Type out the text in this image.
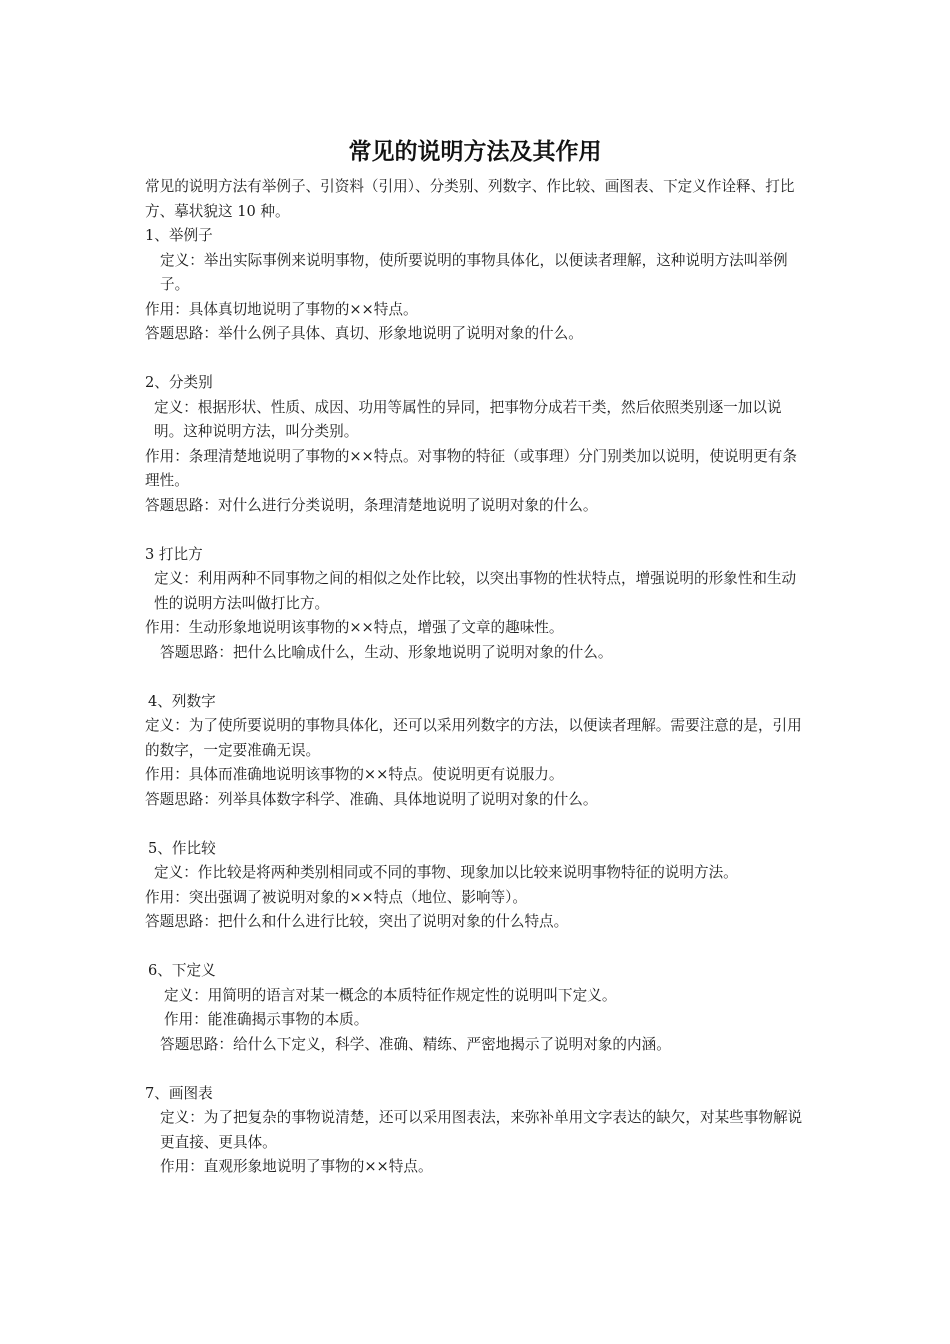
常见的说明方法及其作用

常见的说明方法有举例子、引资料（引用）、分类别、列数字、作比较、画图表、下定义作诠释、打比方、摹状貌这 10 种。

1、举例子

定义：举出实际事例来说明事物，使所要说明的事物具体化，以便读者理解，这种说明方法叫举例子。

作用：具体真切地说明了事物的××特点。

答题思路：举什么例子具体、真切、形象地说明了说明对象的什么。

2、分类别

定义：根据形状、性质、成因、功用等属性的异同，把事物分成若干类，然后依照类别逐一加以说明。这种说明方法，叫分类别。

作用：条理清楚地说明了事物的××特点。对事物的特征（或事理）分门别类加以说明，使说明更有条理性。

答题思路：对什么进行分类说明，条理清楚地说明了说明对象的什么。

3 打比方

定义：利用两种不同事物之间的相似之处作比较，以突出事物的性状特点，增强说明的形象性和生动性的说明方法叫做打比方。

作用：生动形象地说明该事物的××特点，增强了文章的趣味性。

答题思路：把什么比喻成什么，生动、形象地说明了说明对象的什么。

4、列数字

定义：为了使所要说明的事物具体化，还可以采用列数字的方法，以便读者理解。需要注意的是，引用的数字，一定要准确无误。

作用：具体而准确地说明该事物的××特点。使说明更有说服力。

答题思路：列举具体数字科学、准确、具体地说明了说明对象的什么。

5、作比较

定义：作比较是将两种类别相同或不同的事物、现象加以比较来说明事物特征的说明方法。

作用：突出强调了被说明对象的××特点（地位、影响等）。

答题思路：把什么和什么进行比较，突出了说明对象的什么特点。

6、下定义

定义：用简明的语言对某一概念的本质特征作规定性的说明叫下定义。

作用：能准确揭示事物的本质。

答题思路：给什么下定义，科学、准确、精练、严密地揭示了说明对象的内涵。

7、画图表

定义：为了把复杂的事物说清楚，还可以采用图表法，来弥补单用文字表达的缺欠，对某些事物解说更直接、更具体。

作用：直观形象地说明了事物的××特点。
